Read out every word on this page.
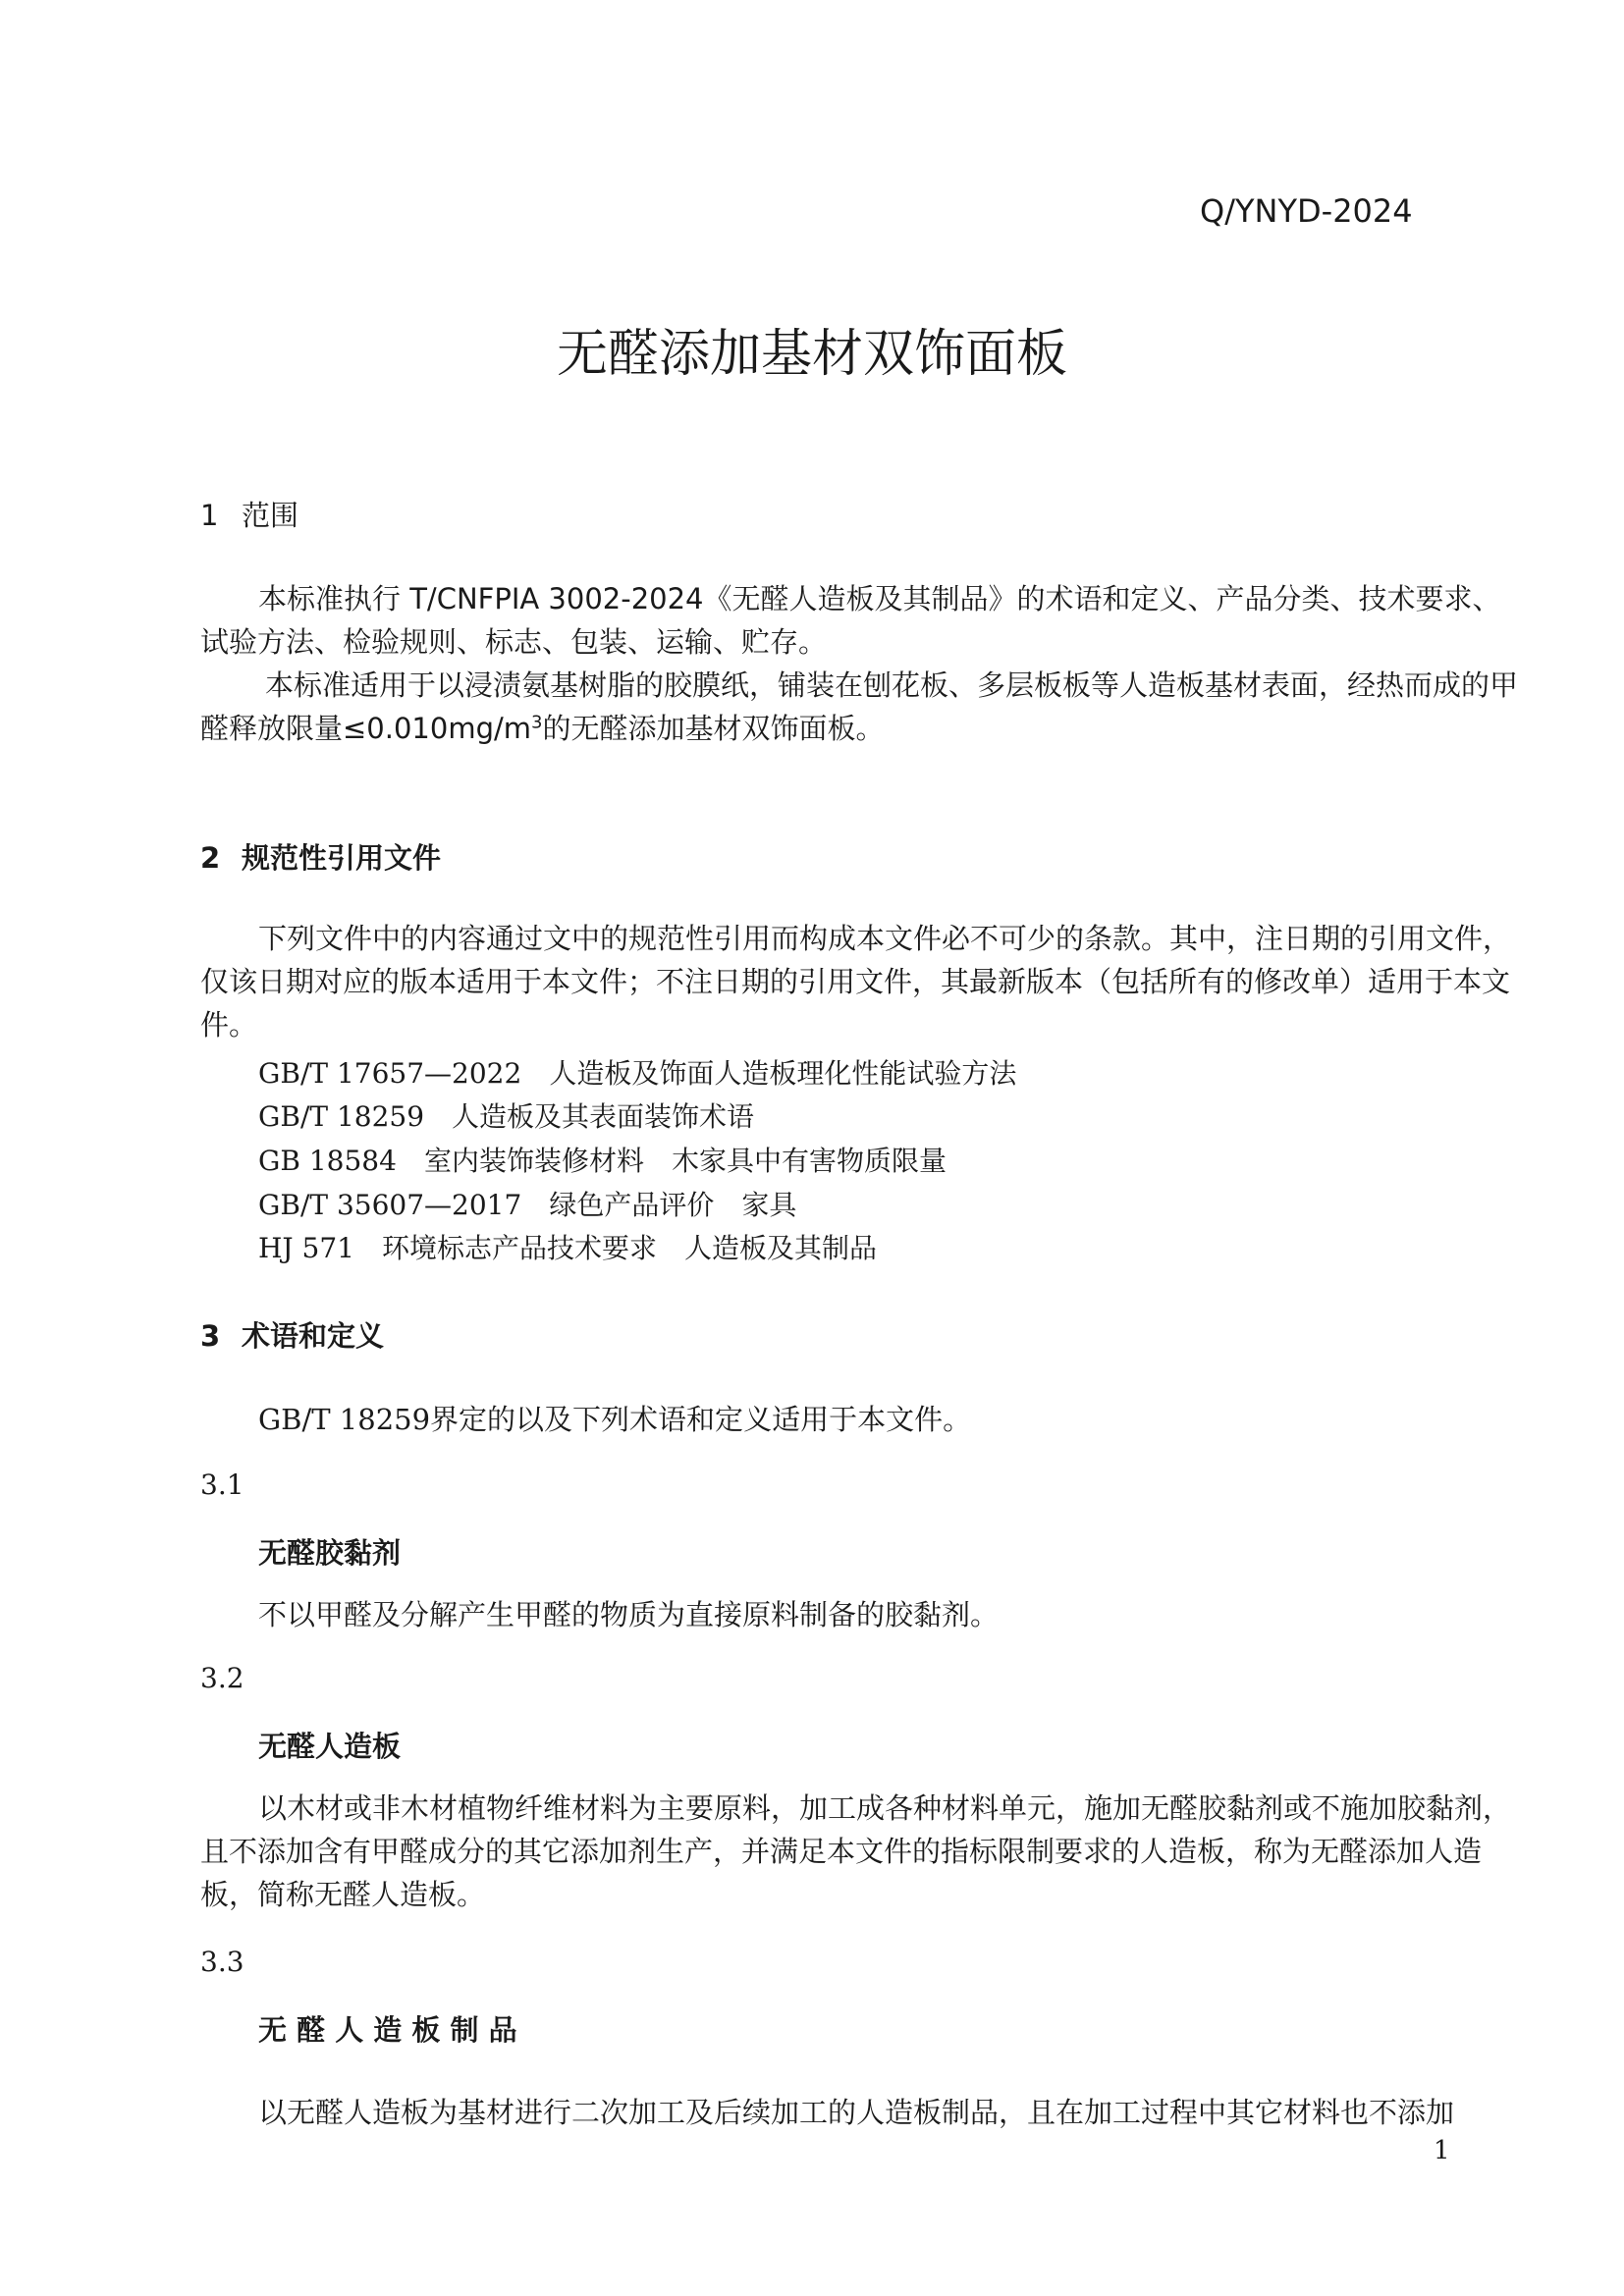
Q/YNYD-2024
无醛添加基材双饰面板
1 范围
本标准执行 T/CNFPIA 3002-2024《无醛人造板及其制品》的术语和定义、产品分类、技术要求、试验方法、检验规则、标志、包装、运输、贮存。
本标准适用于以浸渍氨基树脂的胶膜纸，铺装在刨花板、多层板板等人造板基材表面，经热而成的甲醛释放限量$\le 0.010mg/m^3$的无醛添加基材双饰面板。
2 规范性引用文件
下列文件中的内容通过文中的规范性引用而构成本文件必不可少的条款。其中，注日期的引用文件，仅该日期对应的版本适用于本文件；不注日期的引用文件，其最新版本（包括所有的修改单）适用于本文件。
GB/T 17657—2022　 人造板及饰面人造板理化性能试验方法
GB/T 18259　 人造板及其表面装饰术语
GB 18584　 室内装饰装修材料　木家具中有害物质限量
GB/T 35607—2017　 绿色产品评价　家具
HJ 571　 环境标志产品技术要求　人造板及其制品
3 术语和定义
GB/T 18259界定的以及下列术语和定义适用于本文件。
3.1
无醛胶黏剂
不以甲醛及分解产生甲醛的物质为直接原料制备的胶黏剂。
3.2
无醛人造板
以木材或非木材植物纤维材料为主要原料，加工成各种材料单元，施加无醛胶黏剂或不施加胶黏剂，且不添加含有甲醛成分的其它添加剂生产，并满足本文件的指标限制要求的人造板，称为无醛添加人造板，简称无醛人造板。
3.3
无 醛 人 造 板 制 品
以无醛人造板为基材进行二次加工及后续加工的人造板制品，且在加工过程中其它材料也不添加
1
